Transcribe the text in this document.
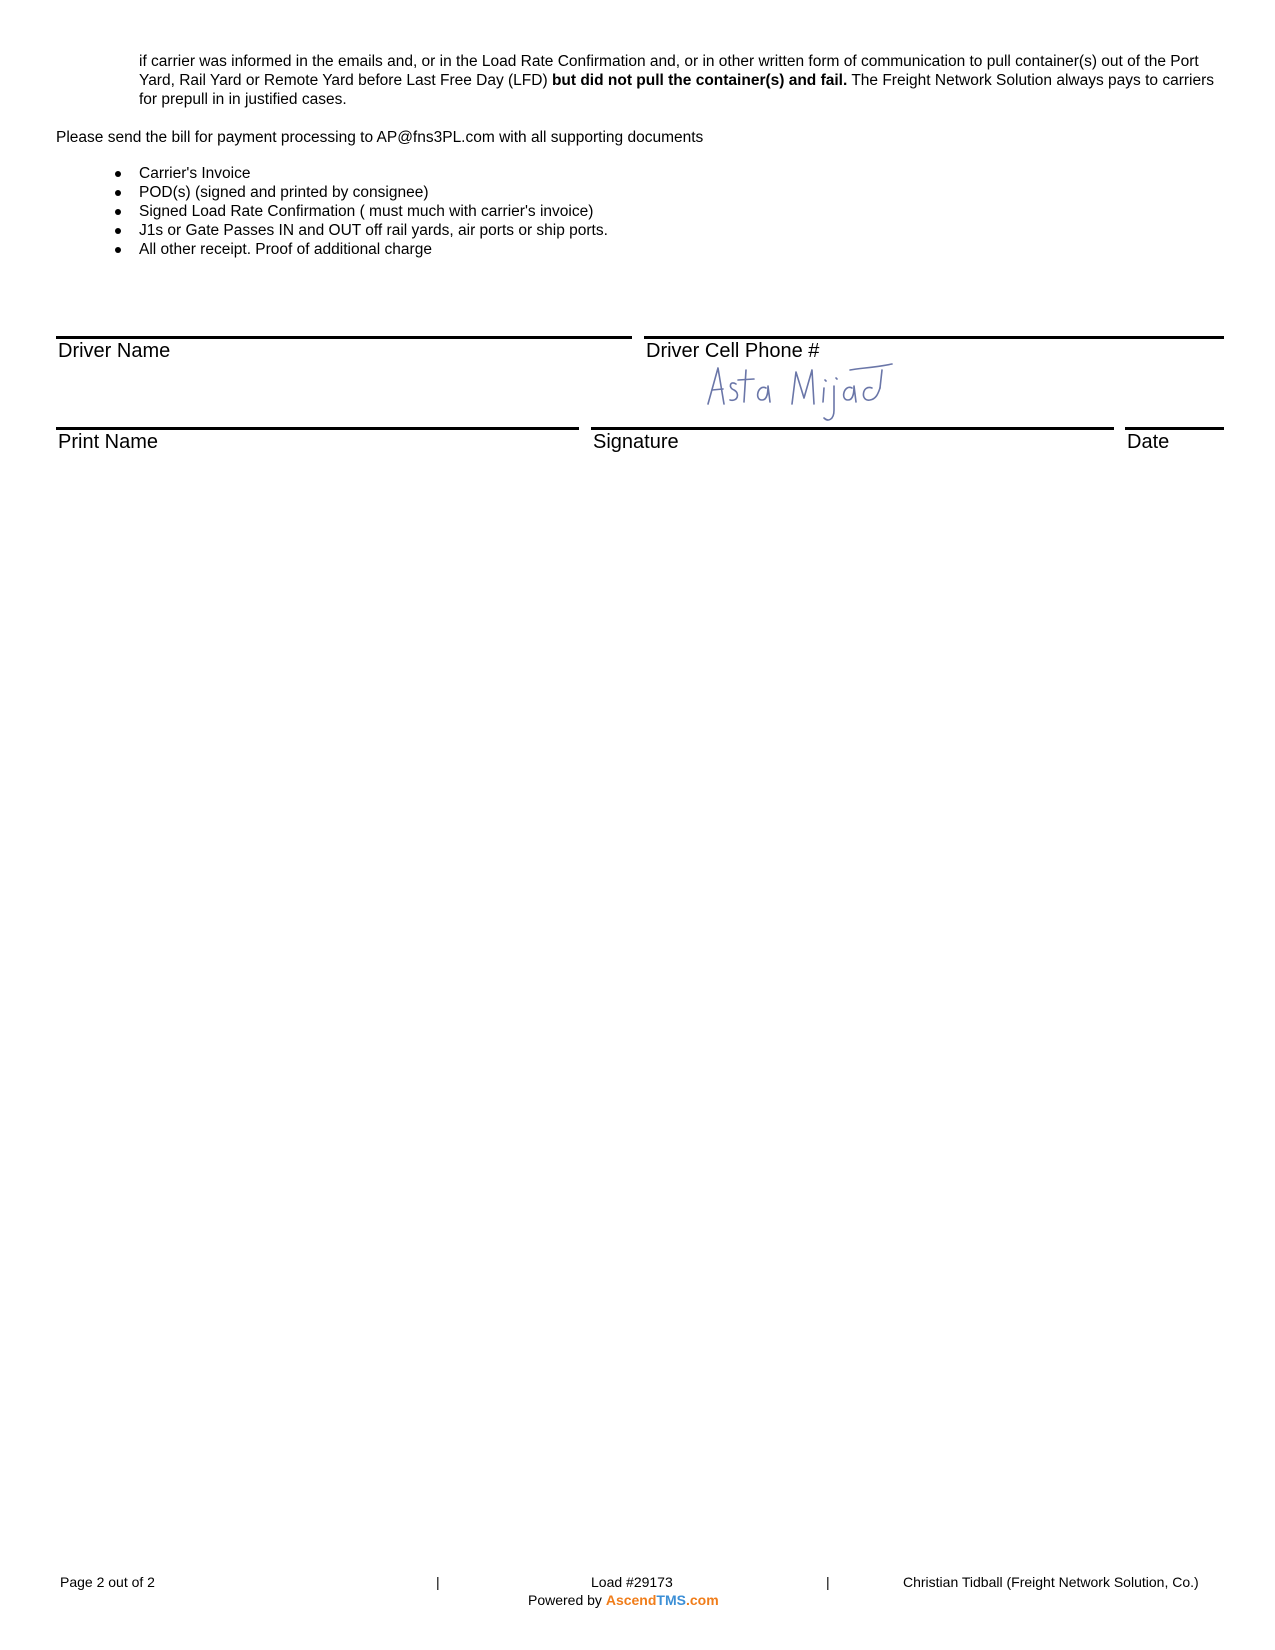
if carrier was informed in the emails and, or in the Load Rate Confirmation and, or in other written form of communication to pull container(s) out of the Port Yard, Rail Yard or Remote Yard before Last Free Day (LFD) but did not pull the container(s) and fail. The Freight Network Solution always pays to carriers for prepull in in justified cases.
Please send the bill for payment processing to AP@fns3PL.com with all supporting documents
Carrier's Invoice
POD(s) (signed and printed by consignee)
Signed Load Rate Confirmation ( must much with carrier's invoice)
J1s or Gate Passes IN and OUT off rail yards, air ports or ship ports.
All other receipt. Proof of additional charge
Driver Name	Driver Cell Phone #
Print Name	Signature	Date
Page 2 out of 2	|	Load #29173	|	Christian Tidball (Freight Network Solution, Co.)
Powered by AscendTMS.com
